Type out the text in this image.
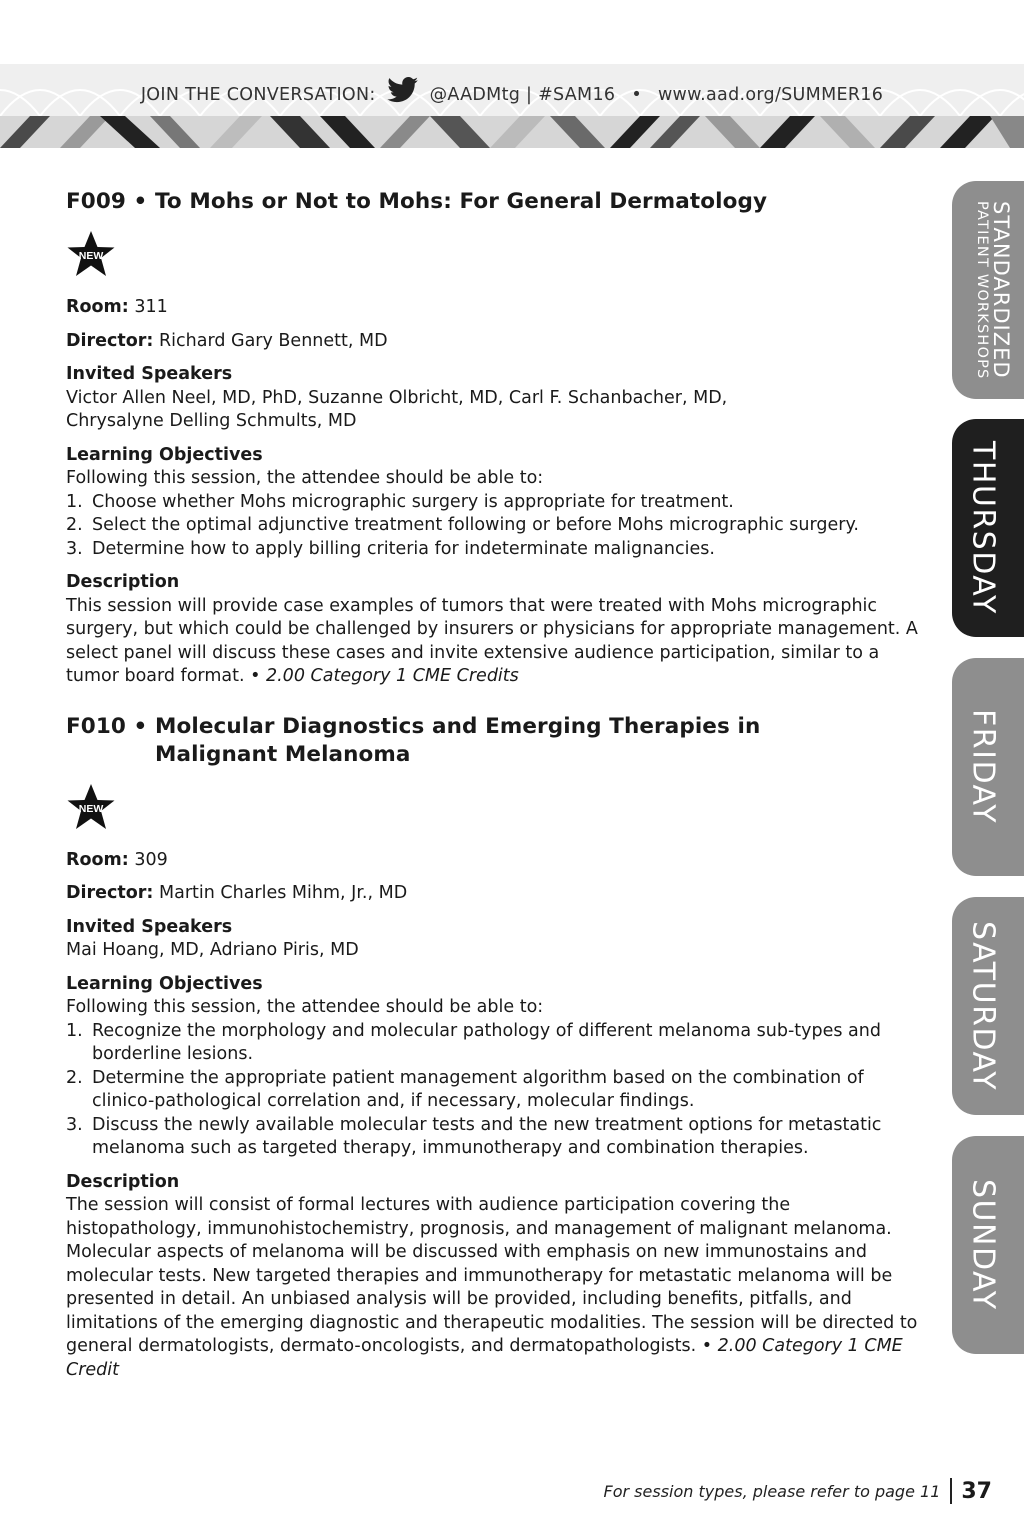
JOIN THE CONVERSATION:	@AADMtg | #SAM16 • www.aad.org/SUMMER16
F009 • To Mohs or Not to Mohs: For General Dermatology
NEW

Room: 311

Director: Richard Gary Bennett, MD

Invited Speakers
Victor Allen Neel, MD, PhD, Suzanne Olbricht, MD, Carl F. Schanbacher, MD,
Chrysalyne Delling Schmults, MD
Learning Objectives
Following this session, the attendee should be able to:
1. Choose whether Mohs micrographic surgery is appropriate for treatment.
2. Select the optimal adjunctive treatment following or before Mohs micrographic surgery.
3. Determine how to apply billing criteria for indeterminate malignancies.
Description
This session will provide case examples of tumors that were treated with Mohs micrographic surgery, but which could be challenged by insurers or physicians for appropriate management. A select panel will discuss these cases and invite extensive audience participation, similar to a tumor board format. • 2.00 Category 1 CME Credits
F010 • Molecular Diagnostics and Emerging Therapies in
Malignant Melanoma
NEW

Room: 309

Director: Martin Charles Mihm, Jr., MD

Invited Speakers
Mai Hoang, MD, Adriano Piris, MD
Learning Objectives
Following this session, the attendee should be able to:
1. Recognize the morphology and molecular pathology of different melanoma sub-types and borderline lesions.
2. Determine the appropriate patient management algorithm based on the combination of clinico-pathological correlation and, if necessary, molecular findings.
3. Discuss the newly available molecular tests and the new treatment options for metastatic melanoma such as targeted therapy, immunotherapy and combination therapies.
Description
The session will consist of formal lectures with audience participation covering the histopathology, immunohistochemistry, prognosis, and management of malignant melanoma. Molecular aspects of melanoma will be discussed with emphasis on new immunostains and molecular tests. New targeted therapies and immunotherapy for metastatic melanoma will be presented in detail. An unbiased analysis will be provided, including benefits, pitfalls, and limitations of the emerging diagnostic and therapeutic modalities. The session will be directed to general dermatologists, dermato-oncologists, and dermatopathologists. • 2.00 Category 1 CME Credit
STANDARDIZED
PATIENT WORKSHOPS
THURSDAY
FRIDAY
SATURDAY
SUNDAY
For session types, please refer to page 11 37
